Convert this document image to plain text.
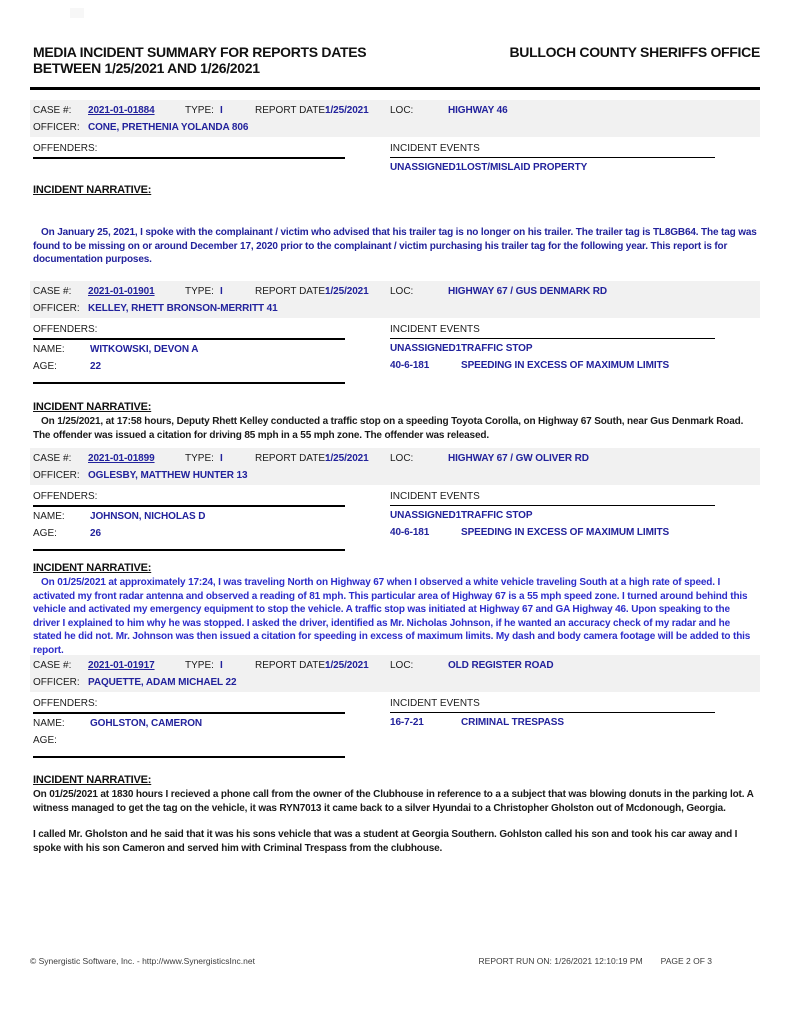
MEDIA INCIDENT SUMMARY FOR REPORTS DATES
BETWEEN 1/25/2021 AND 1/26/2021
BULLOCH COUNTY SHERIFFS OFFICE
CASE #: 2021-01-01884	TYPE: I	REPORT DATE:1/25/2021 LOC:	HIGHWAY 46
OFFICER: CONE, PRETHENIA YOLANDA 806
OFFENDERS:	INCIDENT EVENTS
UNASSIGNED1LOST/MISLAID PROPERTY
INCIDENT NARRATIVE:
On January 25, 2021, I spoke with the complainant / victim who advised that his trailer tag is no longer on his trailer. The trailer tag is TL8GB64. The tag was found to be missing on or around December 17, 2020 prior to the complainant / victim purchasing his trailer tag for the following year. This report is for documentation purposes.
CASE #: 2021-01-01901	TYPE: I	REPORT DATE:1/25/2021 LOC:	HIGHWAY 67 / GUS DENMARK RD
OFFICER: KELLEY, RHETT BRONSON-MERRITT 41
OFFENDERS:
NAME:	WITKOWSKI, DEVON A
AGE:	22
INCIDENT EVENTS
UNASSIGNED1TRAFFIC STOP
40-6-181	SPEEDING IN EXCESS OF MAXIMUM LIMITS
INCIDENT NARRATIVE:
On 1/25/2021, at 17:58 hours, Deputy Rhett Kelley conducted a traffic stop on a speeding Toyota Corolla, on Highway 67 South, near Gus Denmark Road. The offender was issued a citation for driving 85 mph in a 55 mph zone. The offender was released.
CASE #: 2021-01-01899	TYPE: I	REPORT DATE:1/25/2021 LOC:	HIGHWAY 67 / GW OLIVER RD
OFFICER: OGLESBY, MATTHEW HUNTER 13
OFFENDERS:
NAME:	JOHNSON, NICHOLAS D
AGE:	26
INCIDENT EVENTS
UNASSIGNED1TRAFFIC STOP
40-6-181	SPEEDING IN EXCESS OF MAXIMUM LIMITS
INCIDENT NARRATIVE:
On 01/25/2021 at approximately 17:24, I was traveling North on Highway 67 when I observed a white vehicle traveling South at a high rate of speed. I activated my front radar antenna and observed a reading of 81 mph. This particular area of Highway 67 is a 55 mph speed zone. I turned around behind this vehicle and activated my emergency equipment to stop the vehicle. A traffic stop was initiated at Highway 67 and GA Highway 46. Upon speaking to the driver I explained to him why he was stopped. I asked the driver, identified as Mr. Nicholas Johnson, if he wanted an accuracy check of my radar and he stated he did not. Mr. Johnson was then issued a citation for speeding in excess of maximum limits. My dash and body camera footage will be added to this report.
CASE #: 2021-01-01917	TYPE: I	REPORT DATE:1/25/2021 LOC:	OLD REGISTER ROAD
OFFICER: PAQUETTE, ADAM MICHAEL 22
OFFENDERS:
NAME:	GOHLSTON, CAMERON
AGE:
INCIDENT EVENTS
16-7-21	CRIMINAL TRESPASS
INCIDENT NARRATIVE:

On 01/25/2021 at 1830 hours I recieved a phone call from the owner of the Clubhouse in reference to a a subject that was blowing donuts in the parking lot. A witness managed to get the tag on the vehicle, it was RYN7013 it came back to a silver Hyundai to a Christopher Gholston out of Mcdonough, Georgia.

I called Mr. Gholston and he said that it was his sons vehicle that was a student at Georgia Southern. Gohlston called his son and took his car away and I spoke with his son Cameron and served him with Criminal Trespass from the clubhouse.

© Synergistic Software, Inc. - http://www.SynergisticsInc.net	REPORT RUN ON: 1/26/2021 12:10:19 PM PAGE 2 OF 3
